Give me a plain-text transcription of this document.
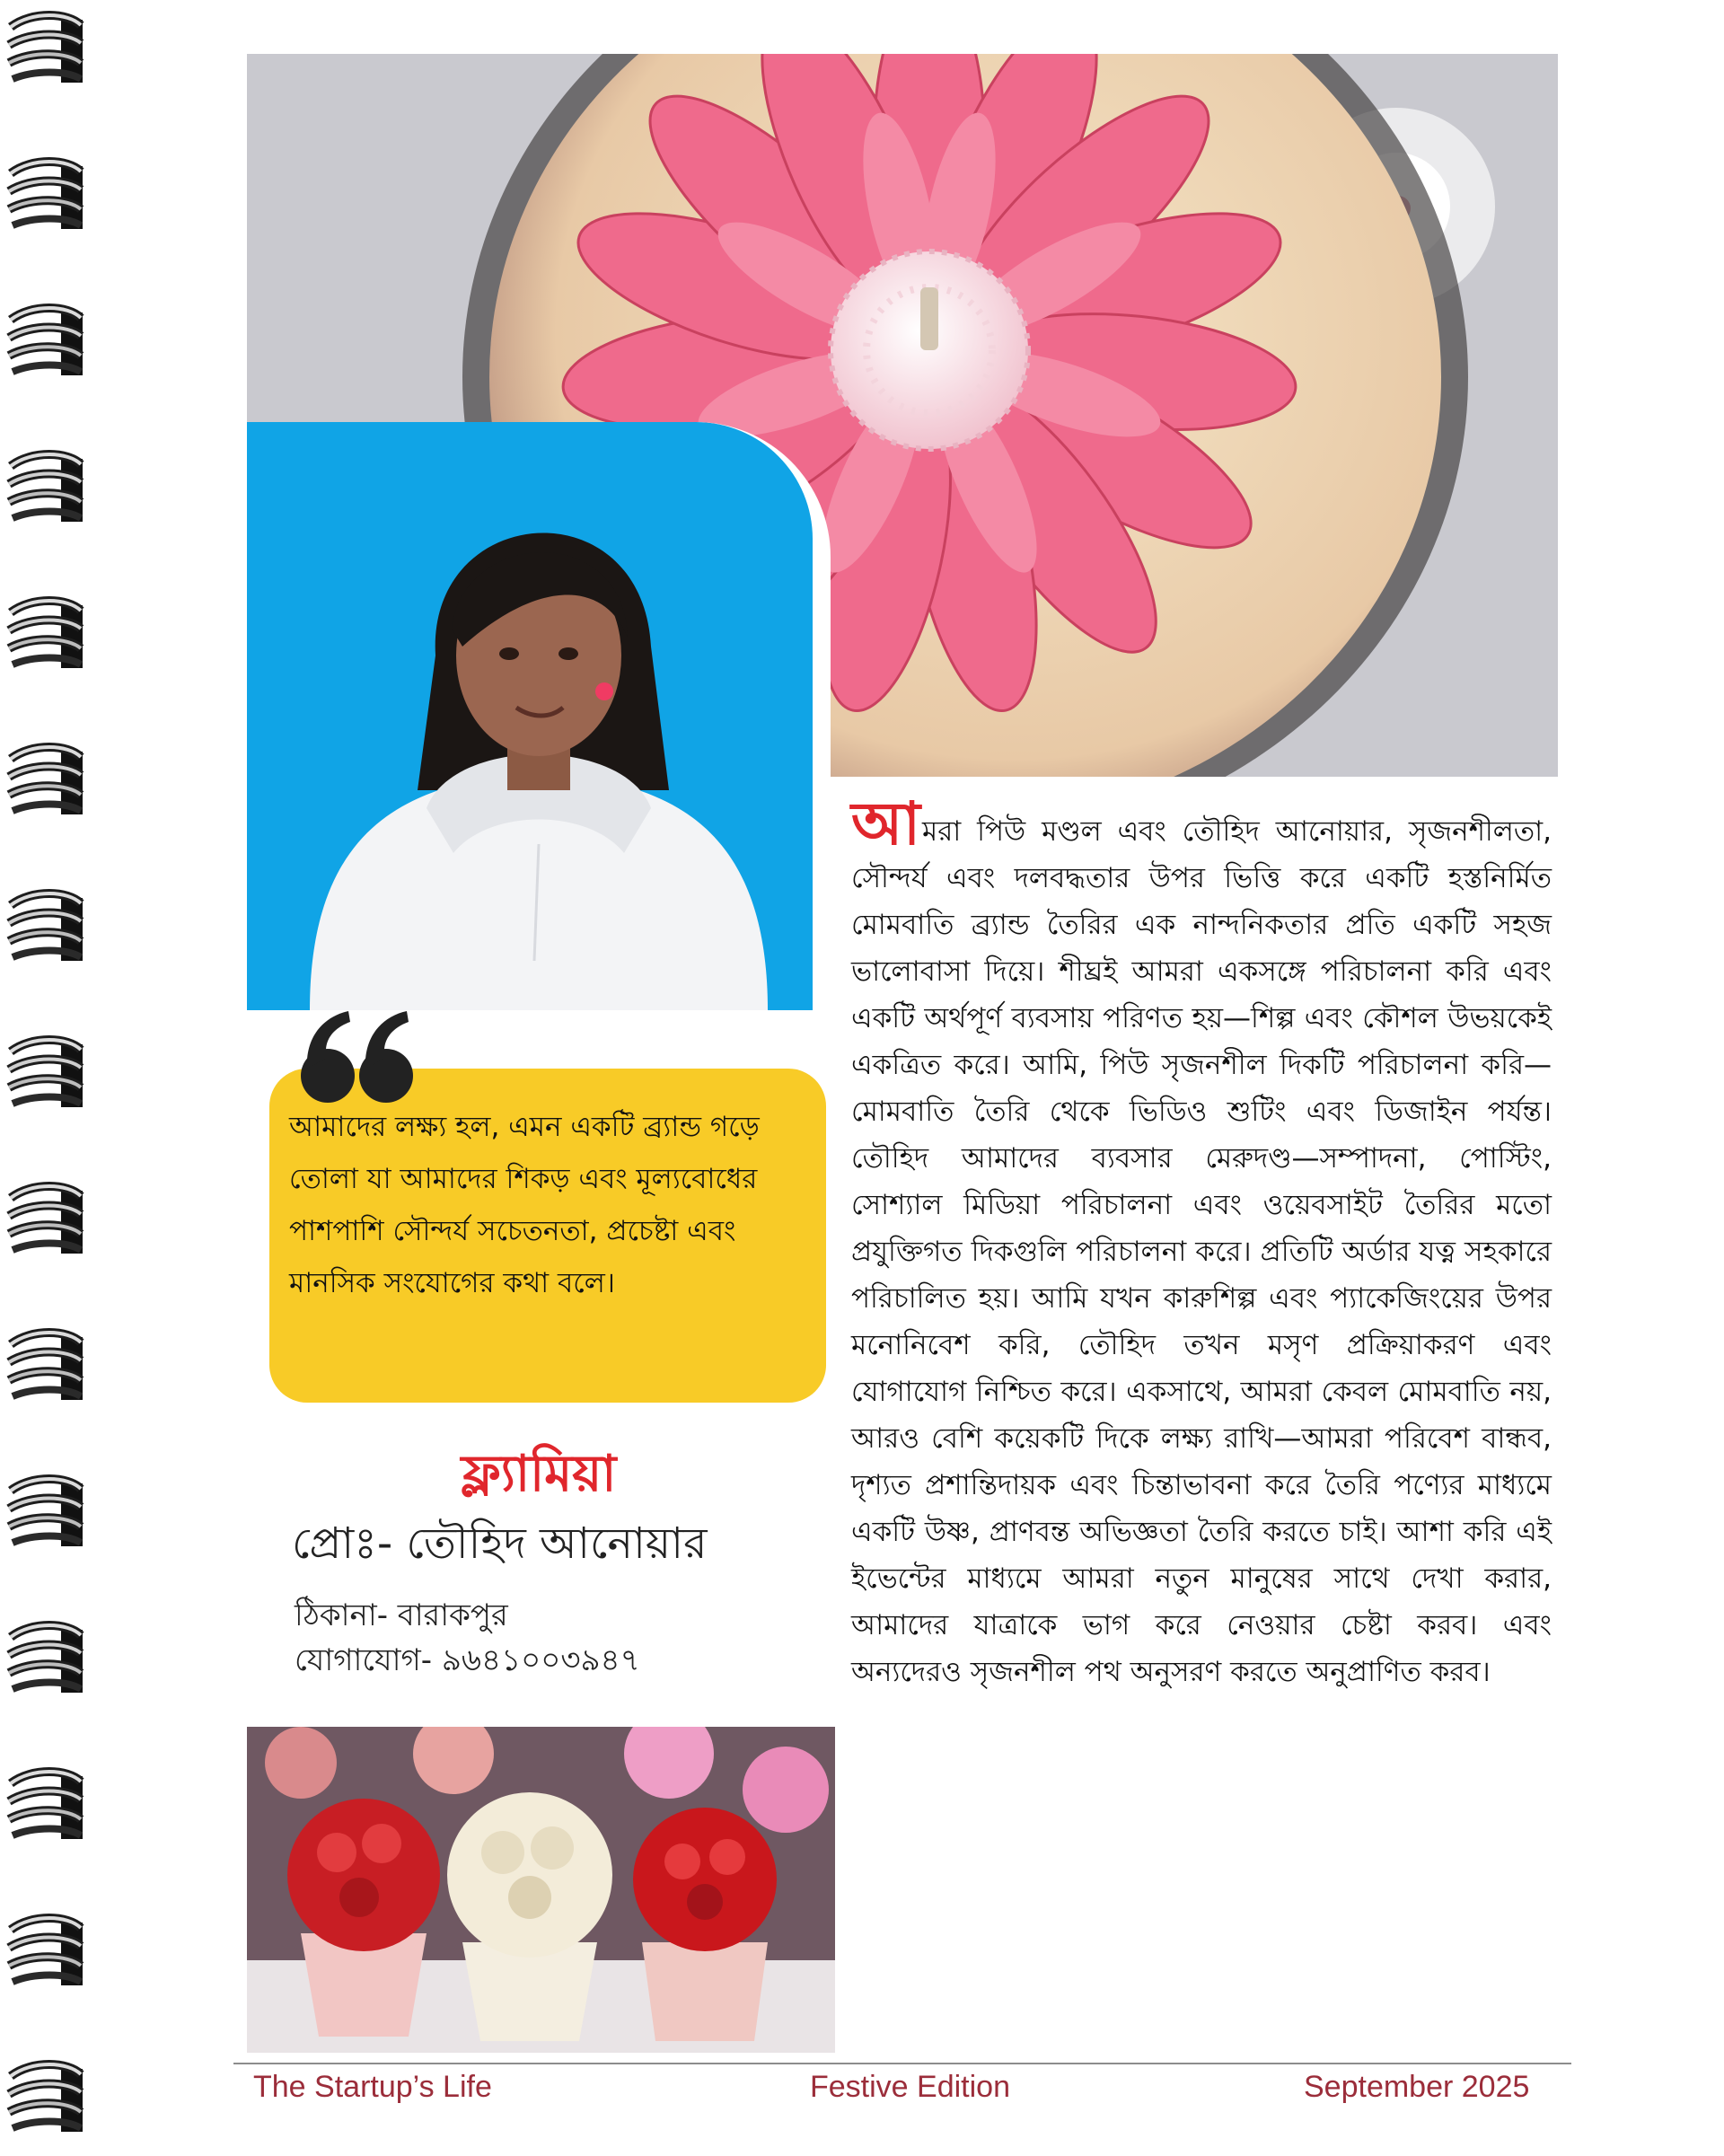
আমাদের লক্ষ্য হল, এমন একটি ব্র্যান্ড গড়ে তোলা যা আমাদের শিকড় এবং মূল্যবোধের পাশপাশি সৌন্দর্য সচেতনতা, প্রচেষ্টা এবং মানসিক সংযোগের কথা বলে।

ফ্ল্যামিয়া
প্রোঃ- তৌহিদ আনোয়ার
ঠিকানা- বারাকপুর
যোগাযোগ- ৯৬৪১০০৩৯৪৭

আমরা পিউ মণ্ডল এবং তৌহিদ আনোয়ার, সৃজনশীলতা, সৌন্দর্য এবং দলবদ্ধতার উপর ভিত্তি করে একটি হস্তনির্মিত মোমবাতি ব্র্যান্ড তৈরির এক নান্দনিকতার প্রতি একটি সহজ ভালোবাসা দিয়ে। শীঘ্রই আমরা একসঙ্গে পরিচালনা করি এবং একটি অর্থপূর্ণ ব্যবসায় পরিণত হয়—শিল্প এবং কৌশল উভয়কেই একত্রিত করে। আমি, পিউ সৃজনশীল দিকটি পরিচালনা করি—মোমবাতি তৈরি থেকে ভিডিও শুটিং এবং ডিজাইন পর্যন্ত। তৌহিদ আমাদের ব্যবসার মেরুদণ্ড—সম্পাদনা, পোস্টিং, সোশ্যাল মিডিয়া পরিচালনা এবং ওয়েবসাইট তৈরির মতো প্রযুক্তিগত দিকগুলি পরিচালনা করে। প্রতিটি অর্ডার যত্ন সহকারে পরিচালিত হয়। আমি যখন কারুশিল্প এবং প্যাকেজিংয়ের উপর মনোনিবেশ করি, তৌহিদ তখন মসৃণ প্রক্রিয়াকরণ এবং যোগাযোগ নিশ্চিত করে। একসাথে, আমরা কেবল মোমবাতি নয়, আরও বেশি কয়েকটি দিকে লক্ষ্য রাখি—আমরা পরিবেশ বান্ধব, দৃশ্যত প্রশান্তিদায়ক এবং চিন্তাভাবনা করে তৈরি পণ্যের মাধ্যমে একটি উষ্ণ, প্রাণবন্ত অভিজ্ঞতা তৈরি করতে চাই। আশা করি এই ইভেন্টের মাধ্যমে আমরা নতুন মানুষের সাথে দেখা করার, আমাদের যাত্রাকে ভাগ করে নেওয়ার চেষ্টা করব। এবং অন্যদেরও সৃজনশীল পথ অনুসরণ করতে অনুপ্রাণিত করব।

The Startup’s Life	Festive Edition	September 2025
